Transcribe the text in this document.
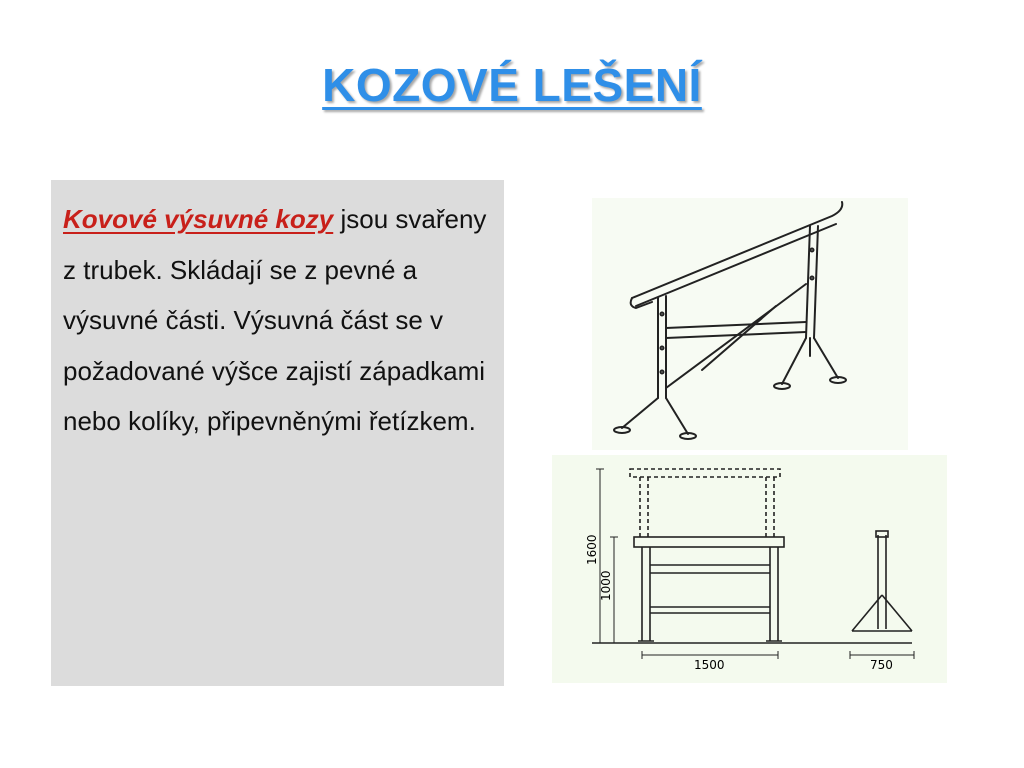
KOZOVÉ LEŠENÍ
Kovové výsuvné kozy jsou svařeny z trubek. Skládají se z pevné a výsuvné části. Výsuvná část se v požadované výšce zajistí západkami nebo kolíky, připevněnými řetízkem.
1600
1000
1500	750
